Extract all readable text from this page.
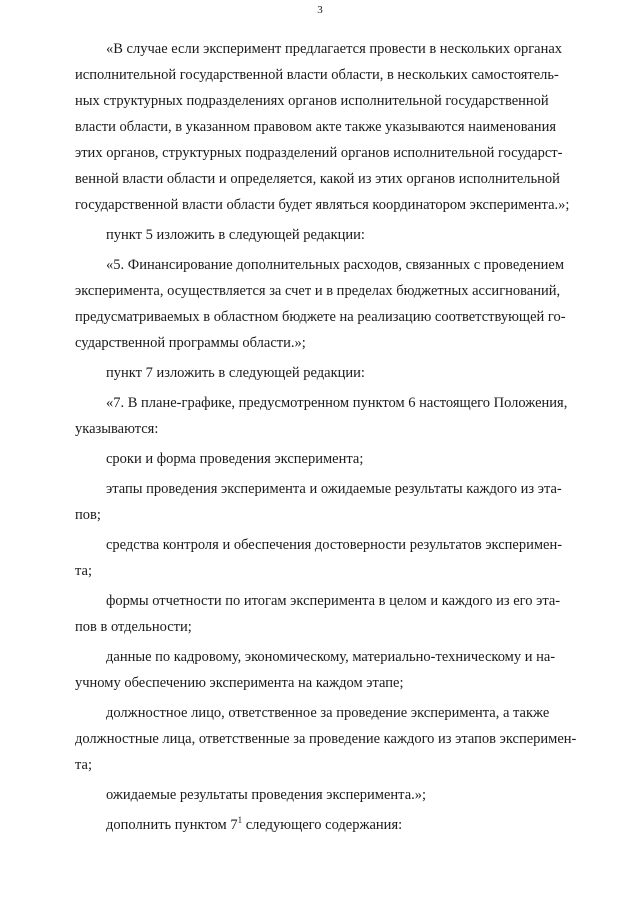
3

«В случае если эксперимент предлагается провести в нескольких органах
исполнительной государственной власти области, в нескольких самостоятель-
ных структурных подразделениях органов исполнительной государственной
власти области, в указанном правовом акте также указываются наименования
этих органов, структурных подразделений органов исполнительной государст-
венной власти области и определяется, какой из этих органов исполнительной
государственной власти области будет являться координатором эксперимента.»;

пункт 5 изложить в следующей редакции:

«5. Финансирование дополнительных расходов, связанных с проведением
эксперимента, осуществляется за счет и в пределах бюджетных ассигнований,
предусматриваемых в областном бюджете на реализацию соответствующей го-
сударственной программы области.»;

пункт 7 изложить в следующей редакции:

«7. В плане-графике, предусмотренном пунктом 6 настоящего Положения,
указываются:

сроки и форма проведения эксперимента;

этапы проведения эксперимента и ожидаемые результаты каждого из эта-
пов;

средства контроля и обеспечения достоверности результатов эксперимен-
та;

формы отчетности по итогам эксперимента в целом и каждого из его эта-
пов в отдельности;

данные по кадровому, экономическому, материально-техническому и на-
учному обеспечению эксперимента на каждом этапе;

должностное лицо, ответственное за проведение эксперимента, а также
должностные лица, ответственные за проведение каждого из этапов эксперимен-
та;

ожидаемые результаты проведения эксперимента.»;

дополнить пунктом $7^1$ следующего содержания:
